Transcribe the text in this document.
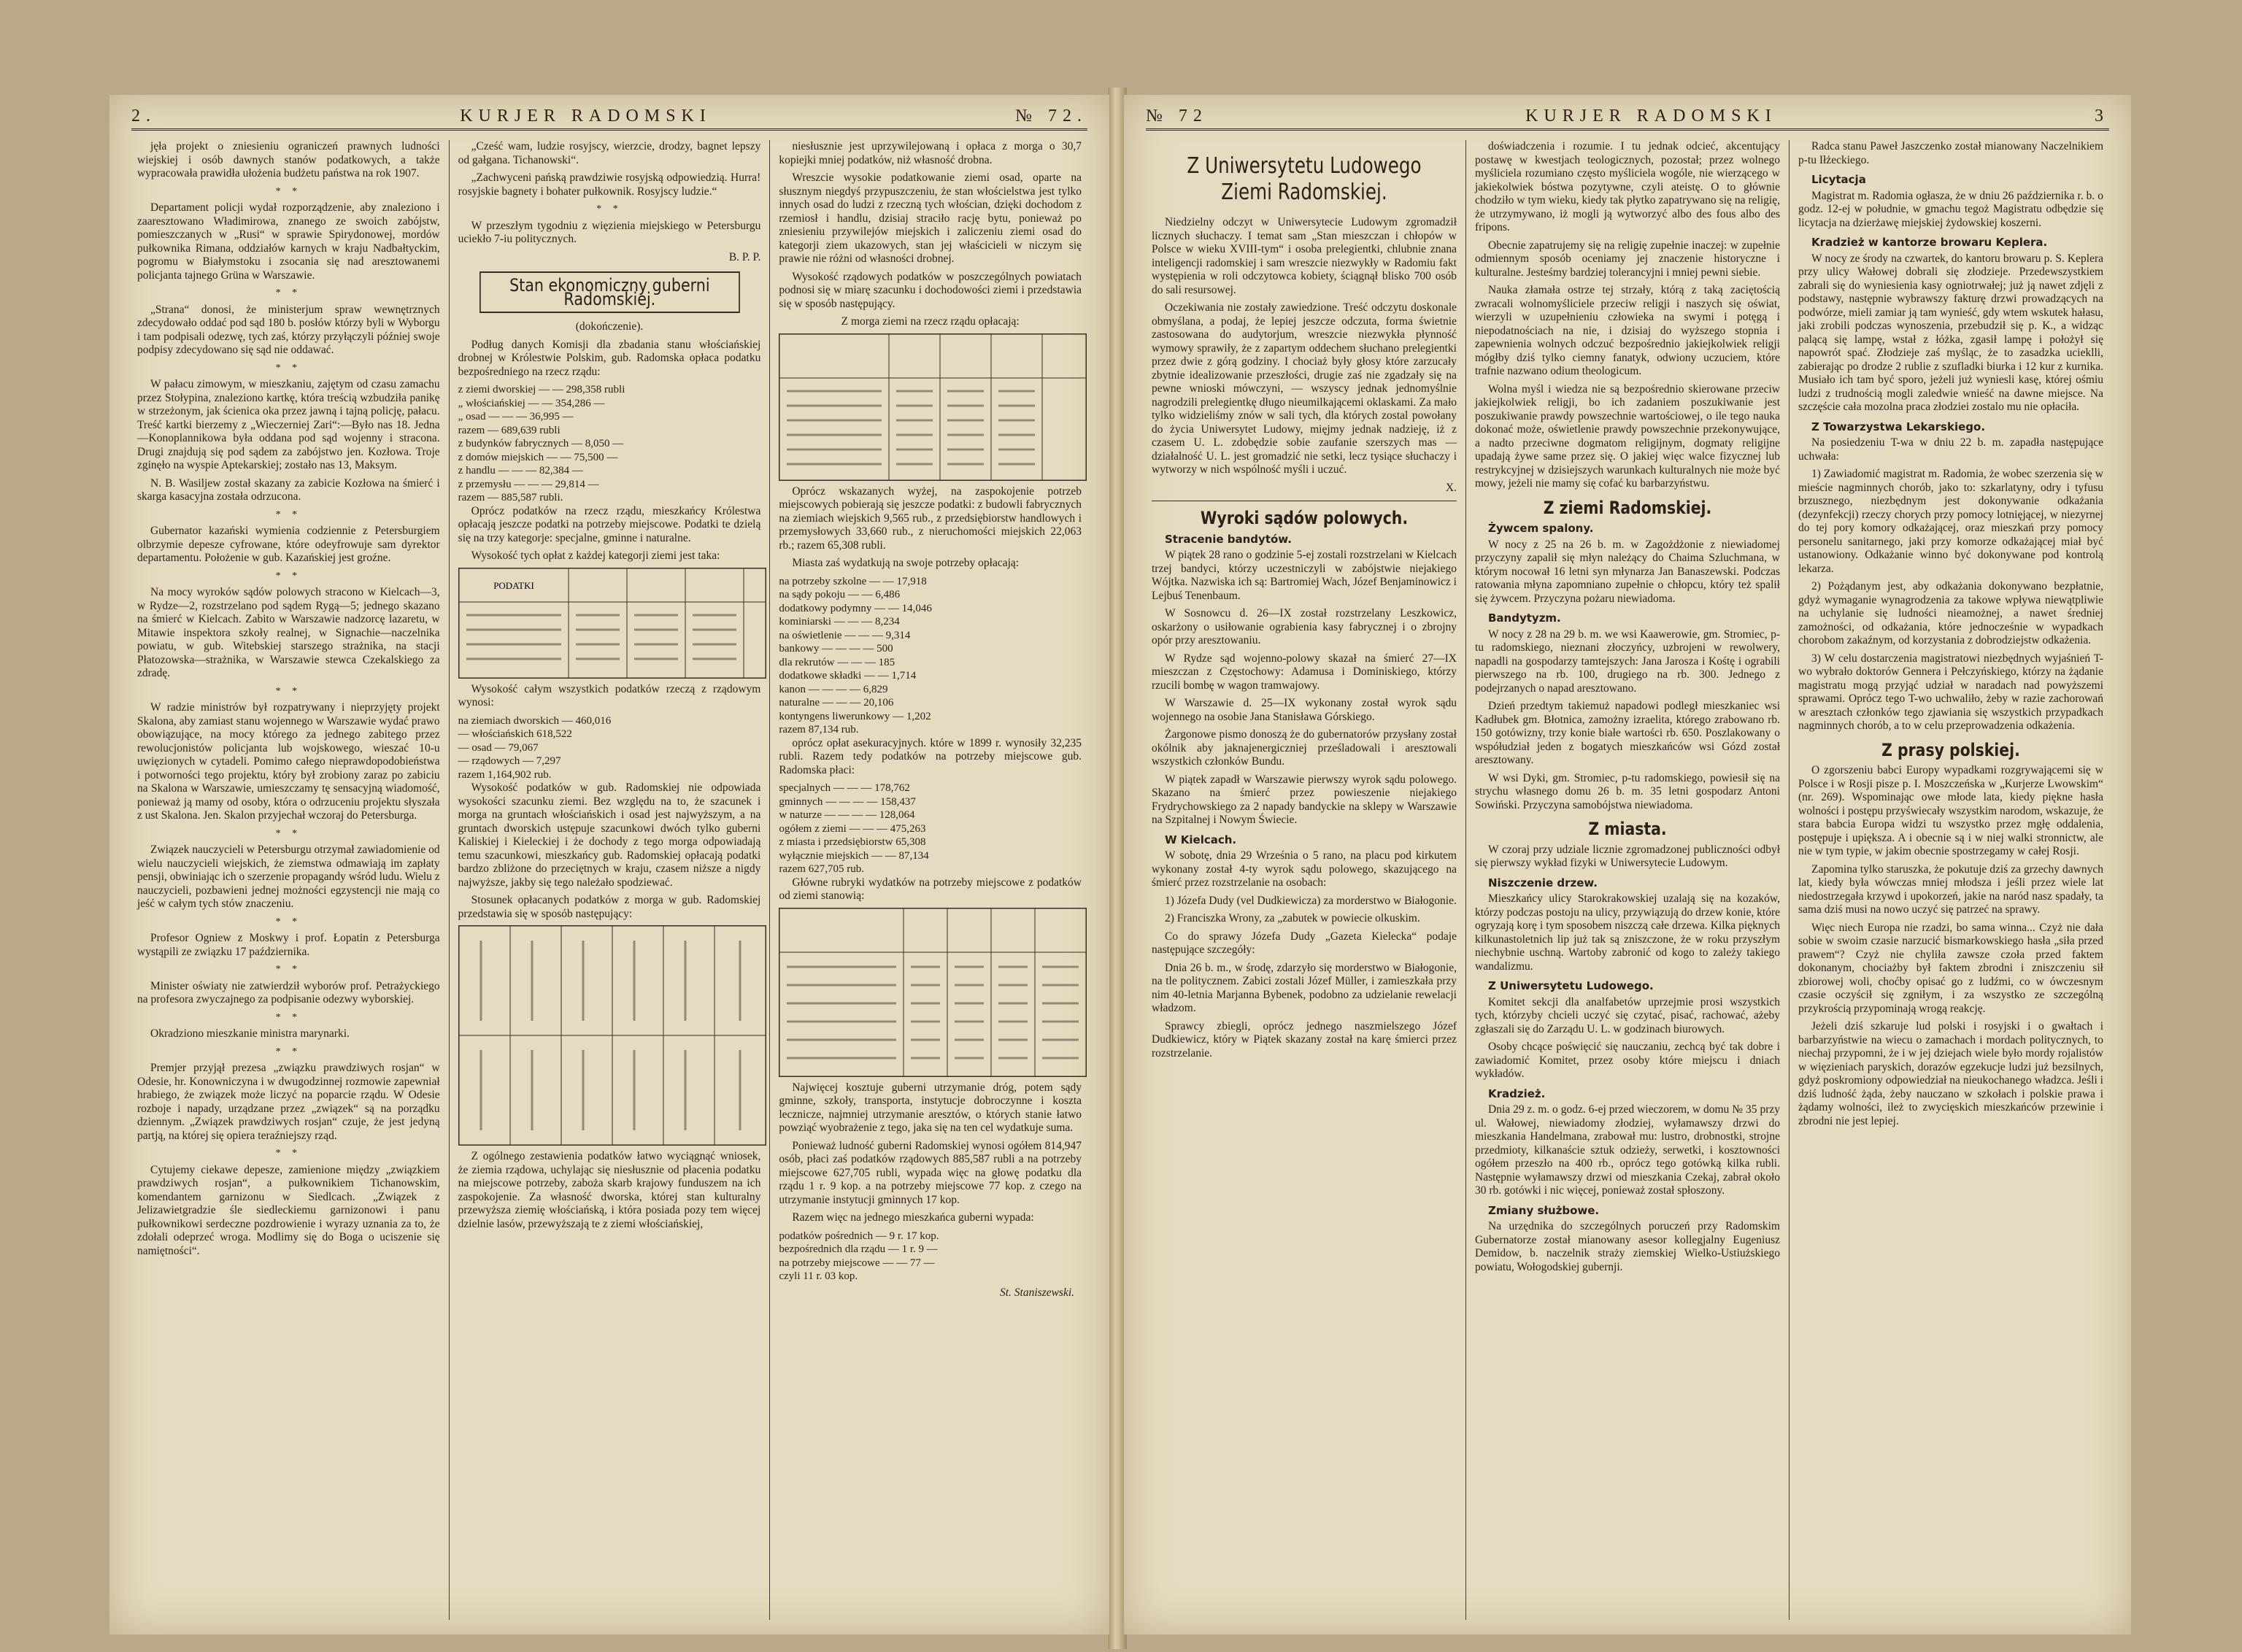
2.	KURJER RADOMSKI	№ 72.

jęła projekt o zniesieniu ograniczeń prawnych ludności wiejskiej i osób dawnych stanów podatkowych, a także wypracowała prawidła ułożenia budżetu państwa na rok 1907.

* *

Departament policji wydał rozporządzenie, aby znaleziono i zaaresztowano Władimirowa, znanego ze swoich zabójstw, pomieszczanych w „Rusi“ w sprawie Spirydonowej, mordów pułkownika Rimana, oddziałów karnych w kraju Nadbałtyckim, pogromu w Białymstoku i zsocania się nad aresztowanemi policjanta tajnego Grüna w Warszawie.

* *

„Strana“ donosi, że ministerjum spraw wewnętrznych zdecydowało oddać pod sąd 180 b. posłów którzy byli w Wyborgu i tam podpisali odezwę, tych zaś, którzy przyłączyli później swoje podpisy zdecydowano się sąd nie oddawać.

* *

W pałacu zimowym, w mieszkaniu, zajętym od czasu zamachu przez Stołypina, znaleziono kartkę, która treścią wzbudziła panikę w strzeżonym, jak ścienica oka przez jawną i tajną policję, pałacu. Treść kartki bierzemy z „Wieczerniej Zari“:—Było nas 18. Jedna—Konoplannikowa była oddana pod sąd wojenny i stracona. Drugi znajdują się pod sądem za zabójstwo jen. Kozłowa. Troje zginęło na wyspie Aptekarskiej; zostało nas 13, Maksym.

N. B. Wasiljew został skazany za zabicie Kozłowa na śmierć i skarga kasacyjna została odrzucona.

* *

Gubernator kazański wymienia codziennie z Petersburgiem olbrzymie depesze cyfrowane, które odeyfrowuje sam dyrektor departamentu. Położenie w gub. Kazańskiej jest groźne.

* *

Na mocy wyroków sądów polowych stracono w Kielcach—3, w Rydze—2, rozstrzelano pod sądem Rygą—5; jednego skazano na śmierć w Kielcach. Zabito w Warszawie nadzorcę lazaretu, w Mitawie inspektora szkoły realnej, w Signachie—naczelnika powiatu, w gub. Witebskiej starszego strażnika, na stacji Płatozowska—strażnika, w Warszawie stewca Czekalskiego za zdradę.

* *

W radzie ministrów był rozpatrywany i nieprzyjęty projekt Skalona, aby zamiast stanu wojennego w Warszawie wydać prawo obowiązujące, na mocy którego za jednego zabitego przez rewolucjonistów policjanta lub wojskowego, wieszać 10-u uwięzionych w cytadeli. Pomimo całego nieprawdopodobieństwa i potworności tego projektu, który był zrobiony zaraz po zabiciu na Skalona w Warszawie, umieszczamy tę sensacyjną wiadomość, ponieważ ją mamy od osoby, która o odrzuceniu projektu słyszała z ust Skalona. Jen. Skalon przyjechał wczoraj do Petersburga.

* *

Związek nauczycieli w Petersburgu otrzymał zawiadomienie od wielu nauczycieli wiejskich, że ziemstwa odmawiają im zapłaty pensji, obwiniając ich o szerzenie propagandy wśród ludu. Wielu z nauczycieli, pozbawieni jednej możności egzystencji nie mają co jeść w całym tych stów znaczeniu.

* *

Profesor Ogniew z Moskwy i prof. Łopatin z Petersburga wystąpili ze związku 17 października.

* *

Minister oświaty nie zatwierdził wyborów prof. Petrażyckiego na profesora zwyczajnego za podpisanie odezwy wyborskiej.

* *

Okradziono mieszkanie ministra marynarki.

* *

Premjer przyjął prezesa „związku prawdziwych rosjan“ w Odesie, hr. Konowniczyna i w dwugodzinnej rozmowie zapewniał hrabiego, że związek może liczyć na poparcie rządu. W Odesie rozboje i napady, urządzane przez „związek“ są na porządku dziennym. „Związek prawdziwych rosjan“ czuje, że jest jedyną partją, na której się opiera teraźniejszy rząd.

* *

Cytujemy ciekawe depesze, zamienione między „związkiem prawdziwych rosjan“, a pułkownikiem Tichanowskim, komendantem garnizonu w Siedlcach. „Związek z Jelizawietgradzie śle siedleckiemu garnizonowi i panu pułkownikowi serdeczne pozdrowienie i wyrazy uznania za to, że zdołali odeprzeć wroga. Modlimy się do Boga o uciszenie się namiętności“.

„Cześć wam, ludzie rosyjscy, wierzcie, drodzy, bagnet lepszy od gałgana. Tichanowski“.

„Zachwyceni pańską prawdziwie rosyjską odpowiedzią. Hurra! rosyjskie bagnety i bohater pułkownik. Rosyjscy ludzie.“

* *

W przeszłym tygodniu z więzienia miejskiego w Petersburgu uciekło 7-iu politycznych.

B. P. P.

Stan ekonomiczny guberni Radomskiej.

(dokończenie).

Podług danych Komisji dla zbadania stanu włościańskiej drobnej w Królestwie Polskim, gub. Radomska opłaca podatku bezpośredniego na rzecz rządu:

z ziemi dworskiej — — 298,358 rubli
„ włościańskiej — — 354,286 —
„ osad — — — 36,995 —
razem — 689,639 rubli
z budynków fabrycznych — 8,050 —
z domów miejskich — — 75,500 —
z handlu — — — 82,384 —
z przemysłu — — — 29,814 —
razem — 885,587 rubli.

Oprócz podatków na rzecz rządu, mieszkańcy Królestwa opłacają jeszcze podatki na potrzeby miejscowe. Podatki te dzielą się na trzy kategorje: specjalne, gminne i naturalne.

Wysokość tych opłat z każdej kategorji ziemi jest taka:

PODATKI

Wysokość całym wszystkich podatków rzeczą z rządowym wynosi:

na ziemiach dworskich — 460,016
— włościańskich 618,522
— osad — 79,067
— rządowych — 7,297
razem 1,164,902 rub.

Wysokość podatków w gub. Radomskiej nie odpowiada wysokości szacunku ziemi. Bez względu na to, że szacunek i morga na gruntach włościańskich i osad jest najwyższym, a na gruntach dworskich ustępuje szacunkowi dwóch tylko guberni Kaliskiej i Kieleckiej i że dochody z tego morga odpowiadają temu szacunkowi, mieszkańcy gub. Radomskiej opłacają podatki bardzo zbliżone do przeciętnych w kraju, czasem niższe a nigdy najwyższe, jakby się tego należało spodziewać.

Stosunek opłacanych podatków z morga w gub. Radomskiej przedstawia się w sposób następujący:

Z ogólnego zestawienia podatków łatwo wyciągnąć wniosek, że ziemia rządowa, uchylając się niesłusznie od płacenia podatku na miejscowe potrzeby, zaboża skarb krajowy funduszem na ich zaspokojenie. Za własność dworska, której stan kulturalny przewyższa ziemię włościańską, i która posiada pozy tem więcej dzielnie lasów, przewyższają te z ziemi włościańskiej,

niesłusznie jest uprzywilejowaną i opłaca z morga o 30,7 kopiejki mniej podatków, niż własność drobna.

Wreszcie wysokie podatkowanie ziemi osad, oparte na słusznym niegdyś przypuszczeniu, że stan włościelstwa jest tylko innych osad do ludzi z rzeczną tych włościan, dzięki dochodom z rzemiosł i handlu, dzisiaj straciło rację bytu, ponieważ po zniesieniu przywilejów miejskich i zaliczeniu ziemi osad do kategorji ziem ukazowych, stan jej właścicieli w niczym się prawie nie różni od własności drobnej.

Wysokość rządowych podatków w poszczególnych powiatach podnosi się w miarę szacunku i dochodowości ziemi i przedstawia się w sposób następujący.

Z morga ziemi na rzecz rządu opłacają:

Oprócz wskazanych wyżej, na zaspokojenie potrzeb miejscowych pobierają się jeszcze podatki: z budowli fabrycznych na ziemiach wiejskich 9,565 rub., z przedsiębiorstw handlowych i przemysłowych 33,660 rub., z nieruchomości miejskich 22,063 rb.; razem 65,308 rubli.

Miasta zaś wydatkują na swoje potrzeby opłacają:

na potrzeby szkolne — — 17,918
na sądy pokoju — — 6,486
dodatkowy podymny — — 14,046
kominiarski — — — 8,234
na oświetlenie — — — 9,314
bankowy — — — — 500
dla rekrutów — — — 185
dodatkowe składki — — 1,714
kanon — — — — 6,829
naturalne — — — 20,106
kontyngens liwerunkowy — 1,202
razem 87,134 rub.

oprócz opłat asekuracyjnych. które w 1899 r. wynosiły 32,235 rubli. Razem tedy podatków na potrzeby miejscowe gub. Radomska płaci:

specjalnych — — — 178,762
gminnych — — — — 158,437
w naturze — — — — 128,064
ogółem z ziemi — — — 475,263
z miasta i przedsiębiorstw 65,308
wyłącznie miejskich — — 87,134
razem 627,705 rub.

Główne rubryki wydatków na potrzeby miejscowe z podatków od ziemi stanowią:

Najwięcej kosztuje guberni utrzymanie dróg, potem sądy gminne, szkoły, transporta, instytucje dobroczynne i koszta lecznicze, najmniej utrzymanie aresztów, o których stanie łatwo powziąć wyobrażenie z tego, jaka się na ten cel wydatkuje suma.

Ponieważ ludność guberni Radomskiej wynosi ogółem 814,947 osób, płaci zaś podatków rządowych 885,587 rubli a na potrzeby miejscowe 627,705 rubli, wypada więc na głowę podatku dla rządu 1 r. 9 kop. a na potrzeby miejscowe 77 kop. z czego na utrzymanie instytucji gminnych 17 kop.

Razem więc na jednego mieszkańca guberni wypada:

podatków pośrednich — 9 r. 17 kop.
bezpośrednich dla rządu — 1 r. 9 —
na potrzeby miejscowe — — 77 —
czyli 11 r. 03 kop.
St. Staniszewski.
№ 72	KURJER RADOMSKI	3
Z Uniwersytetu Ludowego Ziemi Radomskiej.

Niedzielny odczyt w Uniwersytecie Ludowym zgromadził licznych słuchaczy. I temat sam „Stan mieszczan i chłopów w Polsce w wieku XVIII-tym“ i osoba prelegientki, chlubnie znana inteligencji radomskiej i sam wreszcie niezwykły w Radomiu fakt występienia w roli odczytowca kobiety, ściągnął blisko 700 osób do sali resursowej.

Oczekiwania nie zostały zawiedzione. Treść odczytu doskonale obmyślana, a podaj, że lepiej jeszcze odczuta, forma świetnie zastosowana do audytorjum, wreszcie niezwykła płynność wymowy sprawiły, że z zapartym oddechem słuchano prelegientki przez dwie z górą godziny. I chociaż były głosy które zarzucały zbytnie idealizowanie przeszłości, drugie zaś nie zgadzały się na pewne wnioski mówczyni, — wszyscy jednak jednomyślnie nagrodzili prelegientkę długo nieumilkającemi oklaskami. Za mało tylko widzieliśmy znów w sali tych, dla których zostal powołany do życia Uniwersytet Ludowy, mięjmy jednak nadzieję, iż z czasem U. L. zdobędzie sobie zaufanie szerszych mas — działalność U. L. jest gromadzić nie setki, lecz tysiące słuchaczy i wytworzy w nich wspólność myśli i uczuć.

X.

Wyroki sądów polowych.
Stracenie bandytów.

W piątek 28 rano o godzinie 5-ej zostali rozstrzelani w Kielcach trzej bandyci, którzy uczestniczyli w zabójstwie niejakiego Wójtka. Nazwiska ich są: Bartromiej Wach, Józef Benjaminowicz i Lejbuś Tenenbaum.

W Sosnowcu d. 26—IX został rozstrzelany Leszkowicz, oskarżony o usiłowanie ograbienia kasy fabrycznej i o zbrojny opór przy aresztowaniu.

W Rydze sąd wojenno-polowy skazał na śmierć 27—IX mieszczan z Częstochowy: Adamusa i Dominiskiego, którzy rzucili bombę w wagon tramwajowy.

W Warszawie d. 25—IX wykonany został wyrok sądu wojennego na osobie Jana Stanisława Górskiego.

Żargonowe pismo donoszą że do gubernatorów przysłany został okólnik aby jaknajenergiczniej prześladowali i aresztowali wszystkich członków Bundu.

W piątek zapadł w Warszawie pierwszy wyrok sądu polowego. Skazano na śmierć przez powieszenie niejakiego Frydrychowskiego za 2 napady bandyckie na sklepy w Warszawie na Szpitalnej i Nowym Świecie.

W Kielcach.

W sobotę, dnia 29 Września o 5 rano, na placu pod kirkutem wykonany został 4-ty wyrok sądu polowego, skazującego na śmierć przez rozstrzelanie na osobach:

1) Józefa Dudy (vel Dudkiewicza) za morderstwo w Białogonie.

2) Franciszka Wrony, za „zabutek w powiecie olkuskim.

Co do sprawy Józefa Dudy „Gazeta Kielecka“ podaje następujące szczegóły:

Dnia 26 b. m., w środę, zdarzyło się morderstwo w Białogonie, na tle politycznem. Zabici zostali Józef Müller, i zamieszkała przy nim 40-letnia Marjanna Bybenek, podobno za udzielanie rewelacji władzom.

Sprawcy zbiegli, oprócz jednego naszmielszego Józef Dudkiewicz, który w Piątek skazany został na karę śmierci przez rozstrzelanie.

doświadczenia i rozumie. I tu jednak odcieć, akcentujący postawę w kwestjach teologicznych, pozostał; przez wolnego myśliciela rozumiano często myśliciela wogóle, nie wierzącego w jakiekolwiek bóstwa pozytywne, czyli ateistę. O to głównie chodziło w tym wieku, kiedy tak płytko zapatrywano się na religię, że utrzymywano, iż mogli ją wytworzyć albo des fous albo des fripons.

Obecnie zapatrujemy się na religię zupełnie inaczej: w zupełnie odmiennym sposób oceniamy jej znaczenie historyczne i kulturalne. Jesteśmy bardziej tolerancyjni i mniej pewni siebie.

Nauka złamała ostrze tej strzały, którą z taką zaciętością zwracali wolnomyśliciele przeciw religji i naszych się oświat, wierzyli w uzupełnieniu człowieka na swymi i potęgą i niepodatnościach na nie, i dzisiaj do wyższego stopnia i zapewnienia wolnych odczuć bezpośrednio jakiejkolwiek religji mógłby dziś tylko ciemny fanatyk, odwiony uczuciem, które trafnie nazwano odium theologicum.

Wolna myśl i wiedza nie są bezpośrednio skierowane przeciw jakiejkolwiek religji, bo ich zadaniem poszukiwanie jest poszukiwanie prawdy powszechnie wartościowej, o ile tego nauka dokonać może, oświetlenie prawdy powszechnie przekonywujące, a nadto przeciwne dogmatom religijnym, dogmaty religijne upadają żywe same przez się. O jakiej więc walce fizycznej lub restrykcyjnej w dzisiejszych warunkach kulturalnych nie może być mowy, jeżeli nie mamy się cofać ku barbarzyństwu.

Z ziemi Radomskiej.
Żywcem spalony.

W nocy z 25 na 26 b. m. w Zagożdżonie z niewiadomej przyczyny zapalił się młyn należący do Chaima Szluchmana, w którym nocował 16 letni syn młynarza Jan Banaszewski. Podczas ratowania młyna zapomniano zupełnie o chłopcu, który też spalił się żywcem. Przyczyna pożaru niewiadoma.

Bandytyzm.

W nocy z 28 na 29 b. m. we wsi Kaawerowie, gm. Stromiec, p-tu radomskiego, nieznani złoczyńcy, uzbrojeni w rewolwery, napadli na gospodarzy tamtejszych: Jana Jarosza i Kośtę i ograbili pierwszego na rb. 100, drugiego na rb. 300. Jednego z podejrzanych o napad aresztowano.

Dzień przedtym takiemuż napadowi podległ mieszkaniec wsi Kadłubek gm. Błotnica, zamożny izraelita, którego zrabowano rb. 150 gotówizny, trzy konie białe wartości rb. 650. Poszlakowany o współudział jeden z bogatych mieszkańców wsi Gózd został aresztowany.

W wsi Dyki, gm. Stromiec, p-tu radomskiego, powiesił się na strychu własnego domu 26 b. m. 35 letni gospodarz Antoni Sowiński. Przyczyna samobójstwa niewiadoma.

Z miasta.

W czoraj przy udziale licznie zgromadzonej publiczności odbył się pierwszy wykład fizyki w Uniwersytecie Ludowym.

Niszczenie drzew.

Mieszkańcy ulicy Starokrakowskiej uzalają się na kozaków, którzy podczas postoju na ulicy, przywiązują do drzew konie, które ogryzają korę i tym sposobem niszczą całe drzewa. Kilka pięknych kilkunastoletnich lip już tak są zniszczone, że w roku przyszłym niechybnie uschną. Wartoby zabronić od kogo to zależy takiego wandalizmu.

Z Uniwersytetu Ludowego.

Komitet sekcji dla analfabetów uprzejmie prosi wszystkich tych, którzyby chcieli uczyć się czytać, pisać, rachować, ażeby zgłaszali się do Zarządu U. L. w godzinach biurowych.

Osoby chcące poświęcić się nauczaniu, zechcą być tak dobre i zawiadomić Komitet, przez osoby które miejscu i dniach wykładów.

Kradzież.

Dnia 29 z. m. o godz. 6-ej przed wieczorem, w domu № 35 przy ul. Wałowej, niewiadomy złodziej, wyłamawszy drzwi do mieszkania Handelmana, zrabował mu: lustro, drobnostki, strojne przedmioty, kilkanaście sztuk odzieży, serwetki, i kosztowności ogółem przeszło na 400 rb., oprócz tego gotówką kilka rubli. Następnie wyłamawszy drzwi od mieszkania Czekaj, zabrał około 30 rb. gotówki i nic więcej, ponieważ został spłoszony.

Zmiany służbowe.

Na urzędnika do szczególnych poruczeń przy Radomskim Gubernatorze został mianowany asesor kollegjalny Eugeniusz Demidow, b. naczelnik straży ziemskiej Wielko-Ustiużskiego powiatu, Wołogodskiej gubernji.

Radca stanu Paweł Jaszczenko został mianowany Naczelnikiem p-tu Iłżeckiego.

Licytacja

Magistrat m. Radomia ogłasza, że w dniu 26 października r. b. o godz. 12-ej w południe, w gmachu tegoż Magistratu odbędzie się licytacja na dzierżawę miejskiej żydowskiej koszerni.

Kradzież w kantorze browaru Keplera.

W nocy ze środy na czwartek, do kantoru browaru p. S. Keplera przy ulicy Wałowej dobrali się złodzieje. Przedewszystkiem zabrali się do wyniesienia kasy ogniotrwałej; już ją nawet zdjęli z podstawy, następnie wybrawszy fakturę drzwi prowadzących na podwórze, mieli zamiar ją tam wynieść, gdy wtem wskutek hałasu, jaki zrobili podczas wynoszenia, przebudził się p. K., a widząc palącą się lampę, wstał z łóżka, zgasił lampę i położył się napowrót spać. Złodzieje zaś myśląc, że to zasadzka ucieklli, zabierając po drodze 2 rublie z szufladki biurka i 12 kur z kurnika. Musiało ich tam być sporo, jeżeli już wyniesli kasę, której ośmiu ludzi z trudnością mogli zaledwie wnieść na dawne miejsce. Na szczęście cała mozolna praca złodziei zostalo mu nie opłaciła.

Z Towarzystwa Lekarskiego.

Na posiedzeniu T-wa w dniu 22 b. m. zapadła następujące uchwała:

1) Zawiadomić magistrat m. Radomia, że wobec szerzenia się w mieście nagminnych chorób, jako to: szkarlatyny, odry i tyfusu brzusznego, niezbędnym jest dokonywanie odkażania (dezynfekcji) rzeczy chorych przy pomocy lotnięjącej, w niezyrnej do tej pory komory odkażającej, oraz mieszkań przy pomocy personelu sanitarnego, jaki przy komorze odkażającej miał być ustanowiony. Odkażanie winno być dokonywane pod kontrolą lekarza.

2) Pożądanym jest, aby odkażania dokonywano bezpłatnie, gdyż wymaganie wynagrodzenia za takowe wpływa niewątpliwie na uchylanie się ludności nieamożnej, a nawet średniej zamożności, od odkażania, które jednocześnie w wypadkach chorobom zakaźnym, od korzystania z dobrodziejstw odkażenia.

3) W celu dostarczenia magistratowi niezbędnych wyjaśnień T-wo wybrało doktorów Gennera i Pełczyńskiego, którzy na żądanie magistratu mogą przyjąć udział w naradach nad powyższemi sprawami. Oprócz tego T-wo uchwaliło, żeby w razie zachorowań w aresztach członków tego zjawiania się wszystkich przypadkach nagminnych chorób, a to w celu przeprowadzenia odkażenia.

Z prasy polskiej.

O zgorszeniu babci Europy wypadkami rozgrywającemi się w Polsce i w Rosji pisze p. I. Moszczeńska w „Kurjerze Lwowskim“ (nr. 269). Wspominając owe młode lata, kiedy piękne hasła wolności i postępu przyświecały wszystkim narodom, wskazuje, że stara babcia Europa widzi tu wszystko przez mgłę oddalenia, postępuje i upiększa. A i obecnie są i w niej walki stronnictw, ale nie w tym typie, w jakim obecnie spostrzegamy w całej Rosji.

Zapomina tylko staruszka, że pokutuje dziś za grzechy dawnych lat, kiedy była wówczas mniej młodsza i jeśli przez wiele lat niedostrzegała krzywd i upokorzeń, jakie na naród nasz spadały, ta sama dziś musi na nowo uczyć się patrzeć na sprawy.

Więc niech Europa nie rzadzi, bo sama winna... Czyż nie dała sobie w swoim czasie narzucić bismarkowskiego hasła „siła przed prawem“? Czyż nie chyliła zawsze czoła przed faktem dokonanym, chociażby był faktem zbrodni i zniszczeniu sił zbiorowej woli, choćby opisać go z ludźmi, co w ówczesnym czasie oczyścił się zgniłym, i za wszystko ze szczególną przykrością przypominają wrogą reakcję.

Jeżeli dziś szkaruje lud polski i rosyjski i o gwałtach i barbarzyństwie na wiecu o zamachach i mordach politycznych, to niechaj przypomni, że i w jej dziejach wiele było mordy rojalistów w więzieniach paryskich, dorazów egzekucje ludzi już bezsilnych, gdyż poskromiony odpowiedział na nieukochanego władzca. Jeśli i dziś ludność żąda, żeby nauczano w szkołach i polskie prawa i żądamy wolności, ileż to zwycięskich mieszkańców przewinie i zbrodni nie jest lepiej.
